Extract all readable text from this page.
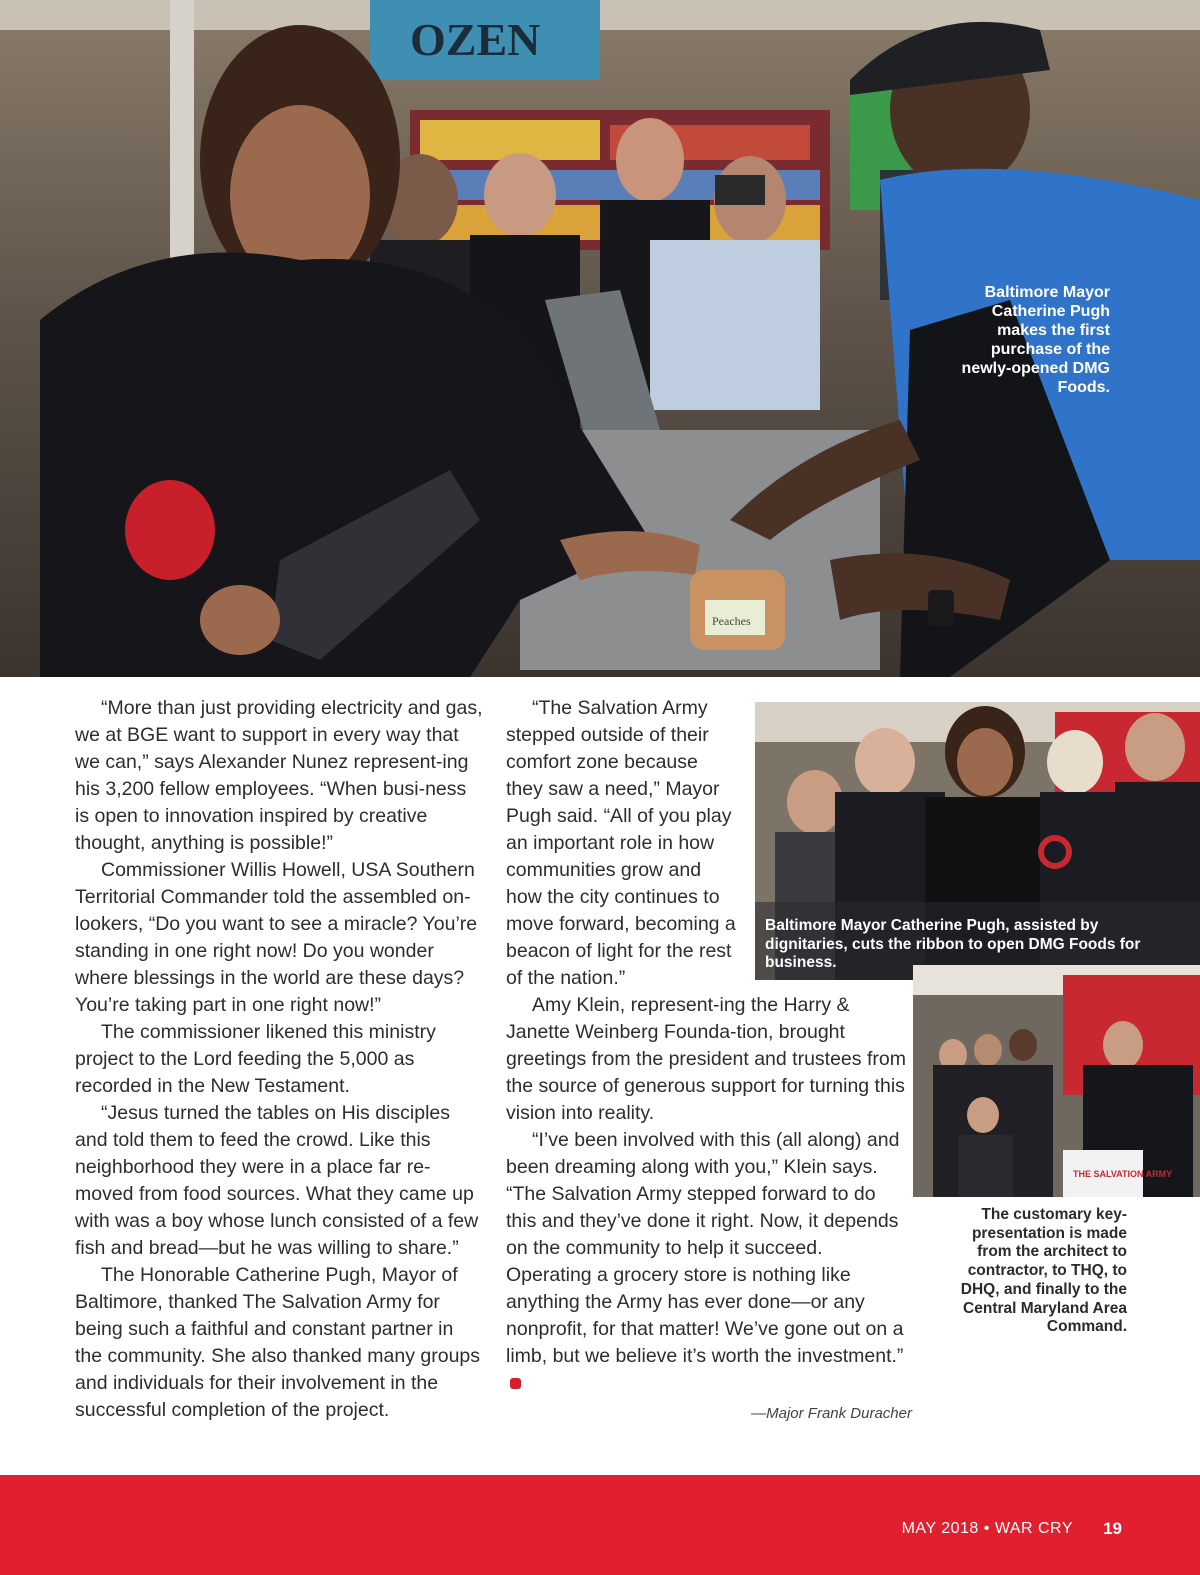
OZEN
Peaches
Baltimore Mayor Catherine Pugh makes the first purchase of the newly-opened DMG Foods.

“More than just providing electricity and gas, we at BGE want to support in every way that we can,” says Alexander Nunez represent-ing his 3,200 fellow employees. “When busi-ness is open to innovation inspired by creative thought, anything is possible!”

Commissioner Willis Howell, USA Southern Territorial Commander told the assembled on-lookers, “Do you want to see a miracle? You’re standing in one right now! Do you wonder where blessings in the world are these days? You’re taking part in one right now!”

The commissioner likened this ministry project to the Lord feeding the 5,000 as recorded in the New Testament.

“Jesus turned the tables on His disciples and told them to feed the crowd. Like this neighborhood they were in a place far re-moved from food sources. What they came up with was a boy whose lunch consisted of a few fish and bread—but he was willing to share.”

The Honorable Catherine Pugh, Mayor of Baltimore, thanked The Salvation Army for being such a faithful and constant partner in the community. She also thanked many groups and individuals for their involvement in the successful completion of the project.

“The Salvation Army stepped outside of their comfort zone because they saw a need,” Mayor Pugh said. “All of you play an important role in how communities grow and how the city continues to move forward, becoming a beacon of light for the rest of the nation.”

Amy Klein, represent-ing the Harry & Janette Weinberg Founda-tion, brought greetings from the president and trustees from the source of generous support for turning this vision into reality.

“I’ve been involved with this (all along) and been dreaming along with you,” Klein says. “The Salvation Army stepped forward to do this and they’ve done it right. Now, it depends on the community to help it succeed. Operating a grocery store is nothing like anything the Army has ever done—or any nonprofit, for that matter! We’ve gone out on a limb, but we believe it’s worth the investment.”

Baltimore Mayor Catherine Pugh, assisted by dignitaries, cuts the ribbon to open DMG Foods for business.
THE SALVATION ARMY
The customary key-presentation is made from the architect to contractor, to THQ, to DHQ, and finally to the Central Maryland Area Command.
—Major Frank Duracher
MAY 2018 • WAR CRY 19
